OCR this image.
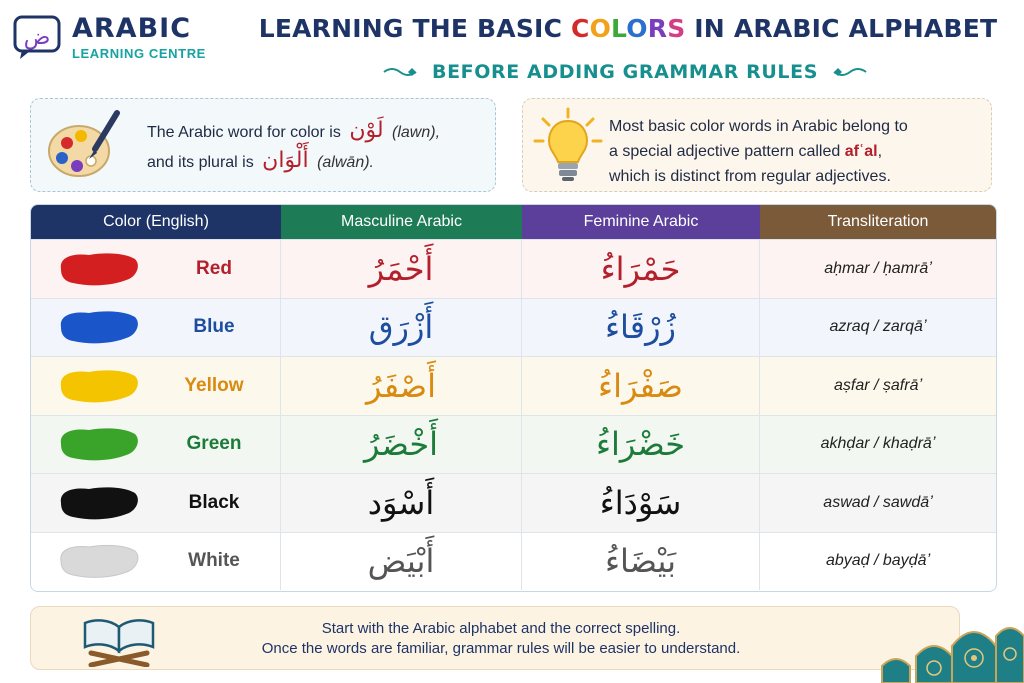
ض ARABIC
LEARNING CENTRE
LEARNING THE BASIC COLORS IN ARABIC ALPHABET
BEFORE ADDING GRAMMAR RULES
The Arabic word for color is لَوْن (lawn),
and its plural is أَلْوَان (alwān).
Most basic color words in Arabic belong to
a special adjective pattern called afʿal,
which is distinct from regular adjectives.
Color (English)	Masculine Arabic	Feminine Arabic	Transliteration
Red	أَحْمَرُ	حَمْرَاءُ	aḥmar / ḥamrāʼ
Blue	أَزْرَق	زُرْقَاءُ	azraq / zarqāʼ
Yellow	أَصْفَرُ	صَفْرَاءُ	aṣfar / ṣafrāʼ
Green	أَخْضَرُ	خَضْرَاءُ	akhḍar / khaḍrāʼ
Black	أَسْوَد	سَوْدَاءُ	aswad / sawdāʼ
White	أَبْيَض	بَيْضَاءُ	abyaḍ / bayḍāʼ
Start with the Arabic alphabet and the correct spelling.
Once the words are familiar, grammar rules will be easier to understand.
